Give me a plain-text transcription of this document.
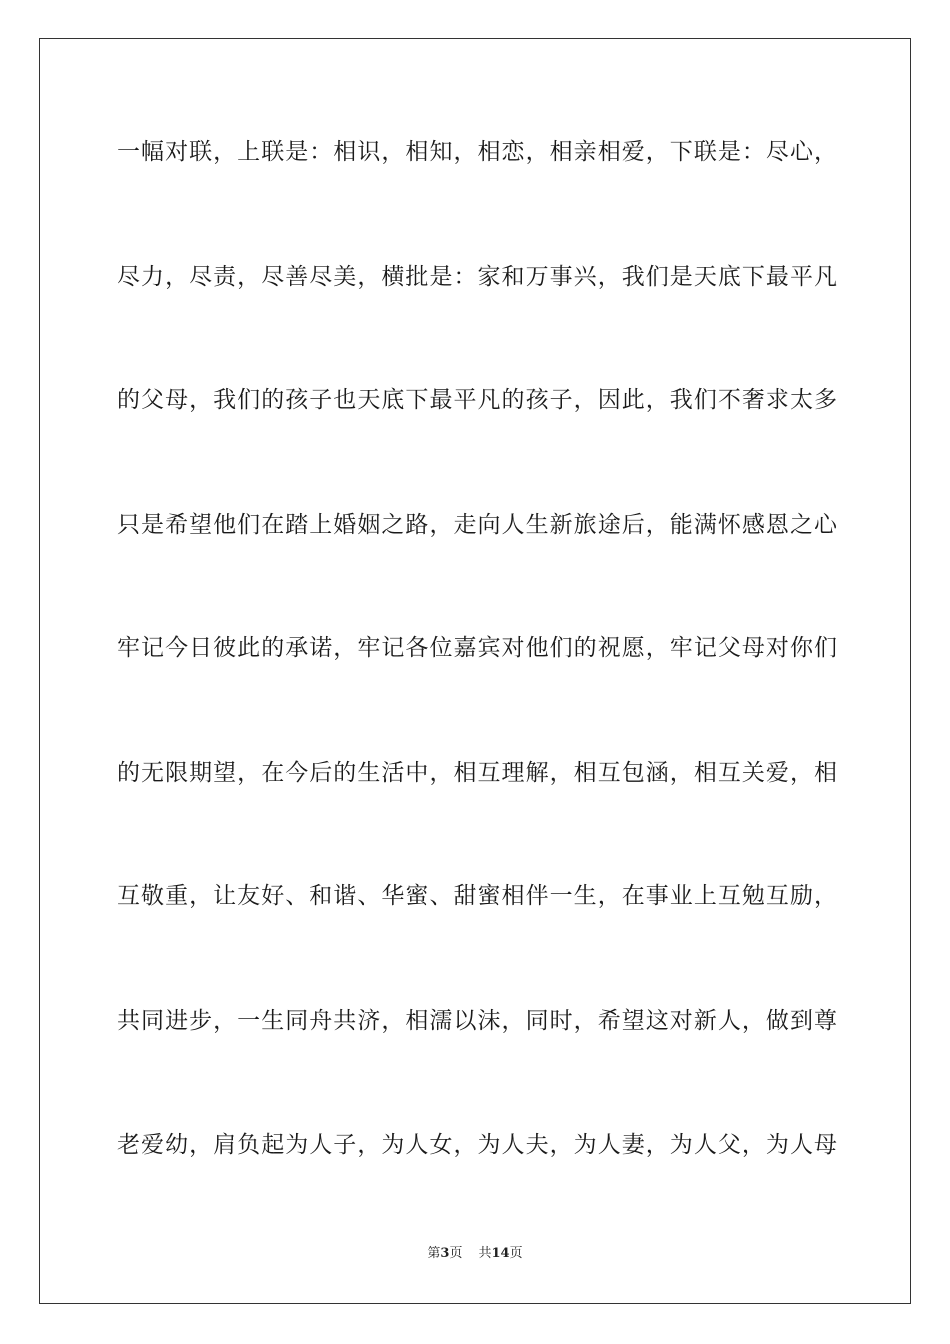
一幅对联，上联是：相识，相知，相恋，相亲相爱，下联是：尽心，
尽力，尽责，尽善尽美，横批是：家和万事兴，我们是天底下最平凡
的父母，我们的孩子也天底下最平凡的孩子，因此，我们不奢求太多
只是希望他们在踏上婚姻之路，走向人生新旅途后，能满怀感恩之心
牢记今日彼此的承诺，牢记各位嘉宾对他们的祝愿，牢记父母对你们
的无限期望，在今后的生活中，相互理解，相互包涵，相互关爱，相
互敬重，让友好、和谐、华蜜、甜蜜相伴一生，在事业上互勉互励，
共同进步，一生同舟共济，相濡以沫，同时，希望这对新人，做到尊
老爱幼，肩负起为人子，为人女，为人夫，为人妻，为人父，为人母
第3页 共14页
